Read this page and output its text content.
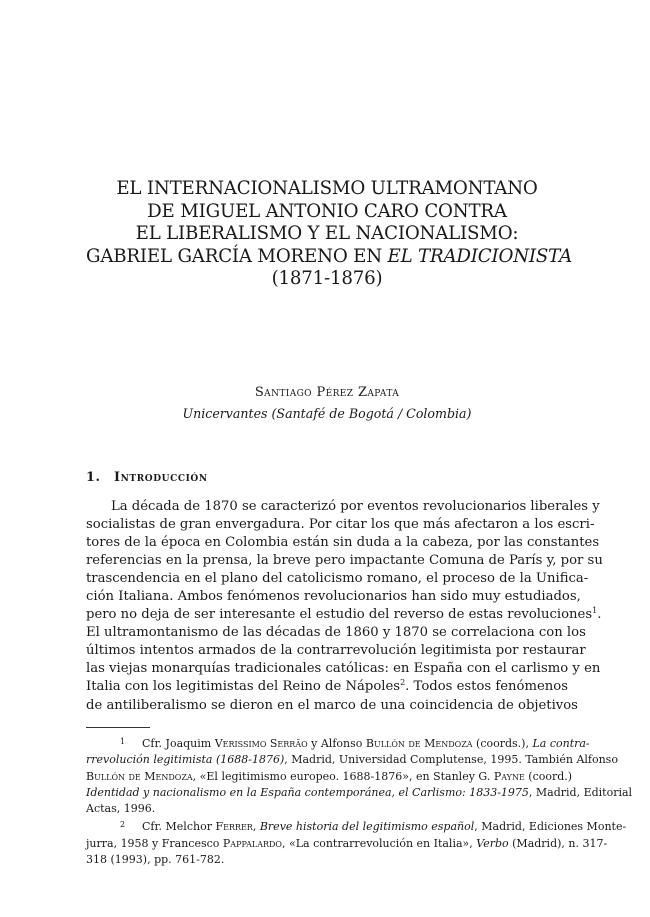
EL INTERNACIONALISMO ULTRAMONTANO
DE MIGUEL ANTONIO CARO CONTRA
EL LIBERALISMO Y EL NACIONALISMO:
GABRIEL GARCÍA MORENO EN EL TRADICIONISTA
(1871-1876)
Santiago Pérez Zapata
Unicervantes (Santafé de Bogotá / Colombia)
1. Introducción
La década de 1870 se caracterizó por eventos revolucionarios liberales y
socialistas de gran envergadura. Por citar los que más afectaron a los escri-
tores de la época en Colombia están sin duda a la cabeza, por las constantes
referencias en la prensa, la breve pero impactante Comuna de París y, por su
trascendencia en el plano del catolicismo romano, el proceso de la Unifica-
ción Italiana. Ambos fenómenos revolucionarios han sido muy estudiados,
pero no deja de ser interesante el estudio del reverso de estas revoluciones$^1$.
El ultramontanismo de las décadas de 1860 y 1870 se correlaciona con los
últimos intentos armados de la contrarrevolución legitimista por restaurar
las viejas monarquías tradicionales católicas: en España con el carlismo y en
Italia con los legitimistas del Reino de Nápoles$^2$. Todos estos fenómenos
de antiliberalismo se dieron en el marco de una coincidencia de objetivos
1 Cfr. Joaquim Verissimo Serrão y Alfonso Bullón de Mendoza (coords.), La contra-
rrevolución legitimista (1688-1876), Madrid, Universidad Complutense, 1995. También Alfonso
Bullón de Mendoza, «El legitimismo europeo. 1688-1876», en Stanley G. Payne (coord.)
Identidad y nacionalismo en la España contemporánea, el Carlismo: 1833-1975, Madrid, Editorial
Actas, 1996.
2 Cfr. Melchor Ferrer, Breve historia del legitimismo español, Madrid, Ediciones Monte-
jurra, 1958 y Francesco Pappalardo, «La contrarrevolución en Italia», Verbo (Madrid), n. 317-
318 (1993), pp. 761-782.
